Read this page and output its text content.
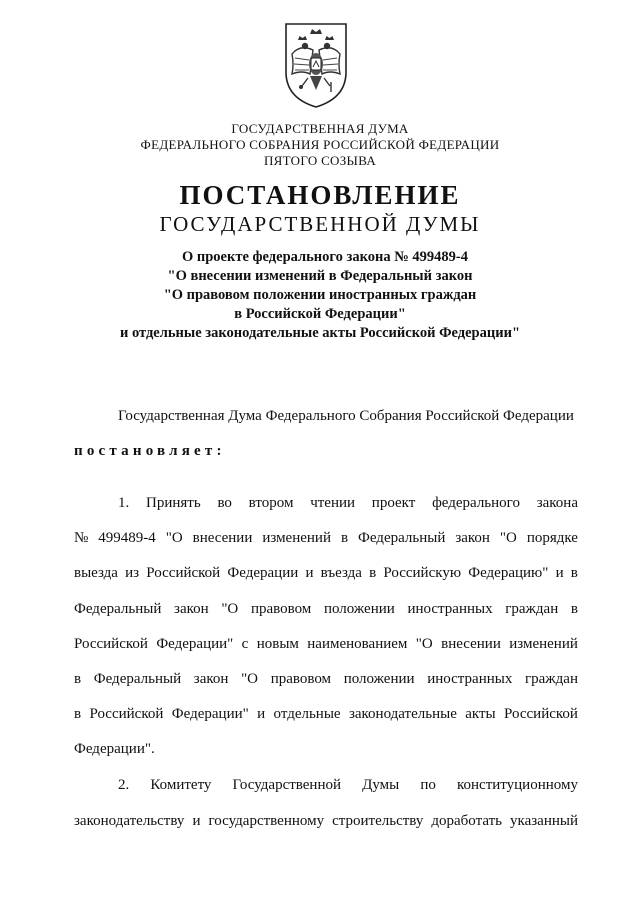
ГОСУДАРСТВЕННАЯ ДУМА
ФЕДЕРАЛЬНОГО СОБРАНИЯ РОССИЙСКОЙ ФЕДЕРАЦИИ
ПЯТОГО СОЗЫВА
ПОСТАНОВЛЕНИЕ
ГОСУДАРСТВЕННОЙ ДУМЫ
О проекте федерального закона № 499489-4
"О внесении изменений в Федеральный закон
"О правовом положении иностранных граждан
в Российской Федерации"
и отдельные законодательные акты Российской Федерации"
Государственная Дума Федерального Собрания Российской Федерации
постановляет:
1. Принять во втором чтении проект федерального закона
№ 499489-4 "О внесении изменений в Федеральный закон "О порядке
выезда из Российской Федерации и въезда в Российскую Федерацию" и в
Федеральный закон "О правовом положении иностранных граждан в
Российской Федерации" с новым наименованием "О внесении изменений
в Федеральный закон "О правовом положении иностранных граждан
в Российской Федерации" и отдельные законодательные акты Российской
Федерации".
2. Комитету Государственной Думы по конституционному
законодательству и государственному строительству доработать указанный
